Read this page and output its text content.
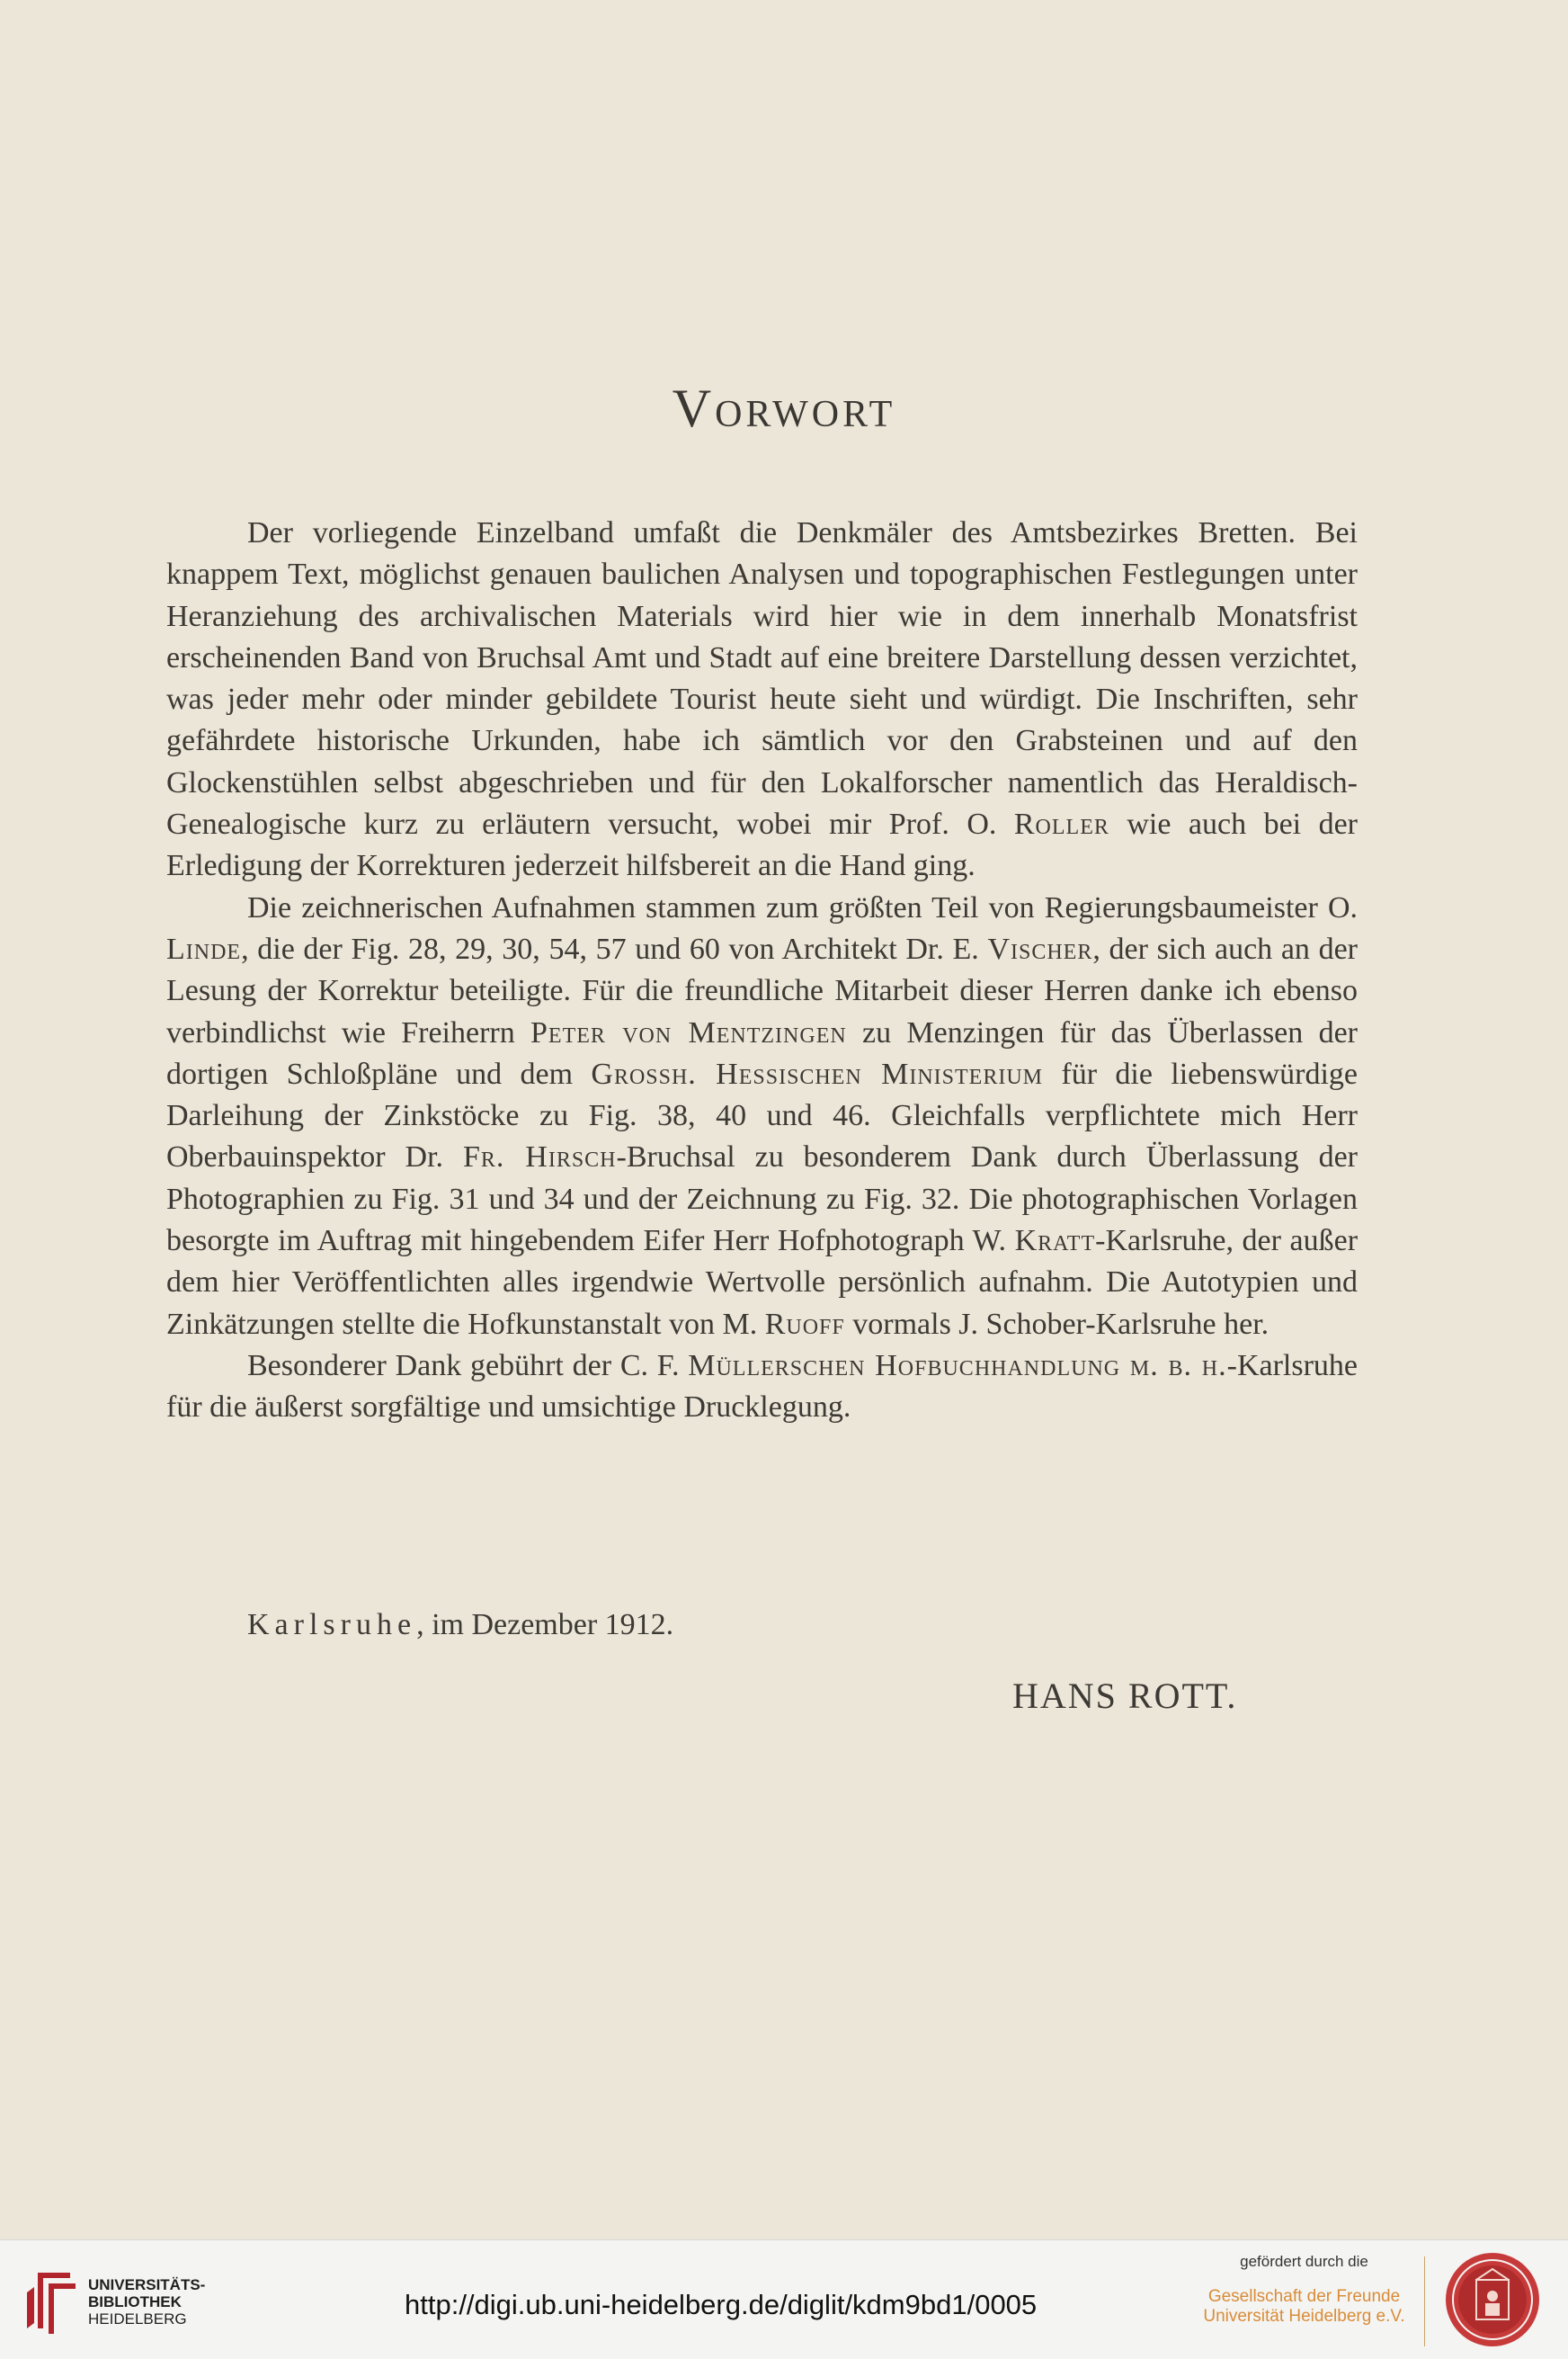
Vorwort

Der vorliegende Einzelband umfaßt die Denkmäler des Amtsbezirkes Bretten. Bei knappem Text, möglichst genauen baulichen Analysen und topographischen Festlegungen unter Heranziehung des archivalischen Materials wird hier wie in dem innerhalb Monatsfrist erscheinenden Band von Bruchsal Amt und Stadt auf eine breitere Darstellung dessen verzichtet, was jeder mehr oder minder gebildete Tourist heute sieht und würdigt. Die Inschriften, sehr gefährdete historische Urkunden, habe ich sämtlich vor den Grabsteinen und auf den Glockenstühlen selbst abgeschrieben und für den Lokalforscher namentlich das Heraldisch-Genealogische kurz zu erläutern versucht, wobei mir Prof. O. Roller wie auch bei der Erledigung der Korrekturen jederzeit hilfsbereit an die Hand ging.

Die zeichnerischen Aufnahmen stammen zum größten Teil von Regierungsbaumeister O. Linde, die der Fig. 28, 29, 30, 54, 57 und 60 von Architekt Dr. E. Vischer, der sich auch an der Lesung der Korrektur beteiligte. Für die freundliche Mitarbeit dieser Herren danke ich ebenso verbindlichst wie Freiherrn Peter von Mentzingen zu Menzingen für das Überlassen der dortigen Schloßpläne und dem Grossh. Hessischen Ministerium für die liebenswürdige Darleihung der Zinkstöcke zu Fig. 38, 40 und 46. Gleichfalls verpflichtete mich Herr Oberbauinspektor Dr. Fr. Hirsch-Bruchsal zu besonderem Dank durch Überlassung der Photographien zu Fig. 31 und 34 und der Zeichnung zu Fig. 32. Die photographischen Vorlagen besorgte im Auftrag mit hingebendem Eifer Herr Hofphotograph W. Kratt-Karlsruhe, der außer dem hier Veröffentlichten alles irgendwie Wertvolle persönlich aufnahm. Die Autotypien und Zinkätzungen stellte die Hofkunstanstalt von M. Ruoff vormals J. Schober-Karlsruhe her.

Besonderer Dank gebührt der C. F. Müllerschen Hofbuchhandlung m. b. h.-Karlsruhe für die äußerst sorgfältige und umsichtige Drucklegung.

Karlsruhe, im Dezember 1912.
HANS ROTT.
UNIVERSITÄTS-
BIBLIOTHEK
HEIDELBERG	http://digi.ub.uni-heidelberg.de/diglit/kdm9bd1/0005
gefördert durch die
Gesellschaft der Freunde
Universität Heidelberg e.V.
